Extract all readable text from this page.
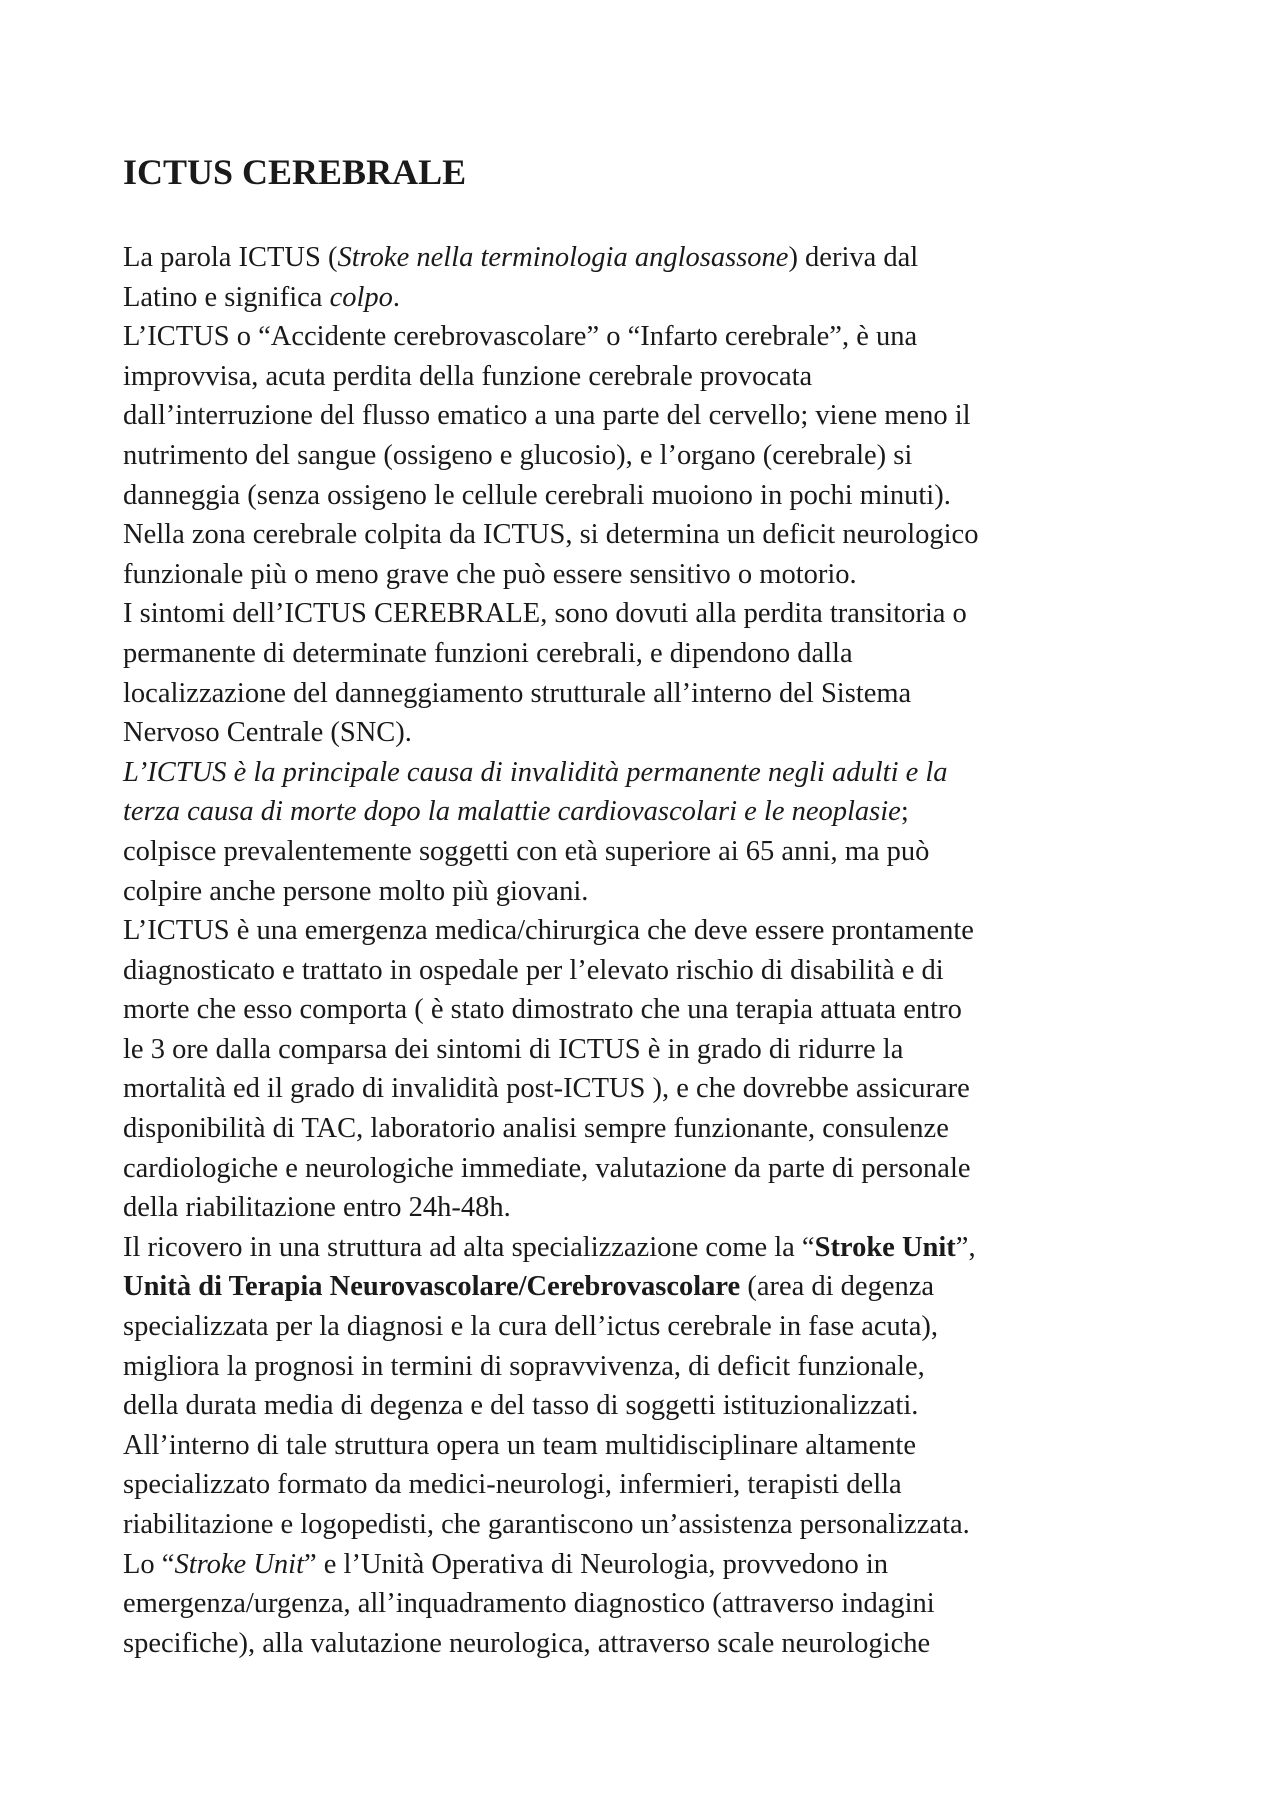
ICTUS CEREBRALE
La parola ICTUS (Stroke nella terminologia anglosassone) deriva dal
Latino e significa colpo.
L’ICTUS o “Accidente cerebrovascolare” o “Infarto cerebrale”, è una
improvvisa, acuta perdita della funzione cerebrale provocata
dall’interruzione del flusso ematico a una parte del cervello; viene meno il
nutrimento del sangue (ossigeno e glucosio), e l’organo (cerebrale) si
danneggia (senza ossigeno le cellule cerebrali muoiono in pochi minuti).
Nella zona cerebrale colpita da ICTUS, si determina un deficit neurologico
funzionale più o meno grave che può essere sensitivo o motorio.
I sintomi dell’ICTUS CEREBRALE, sono dovuti alla perdita transitoria o
permanente di determinate funzioni cerebrali, e dipendono dalla
localizzazione del danneggiamento strutturale all’interno del Sistema
Nervoso Centrale (SNC).
L’ICTUS è la principale causa di invalidità permanente negli adulti e la
terza causa di morte dopo la malattie cardiovascolari e le neoplasie;
colpisce prevalentemente soggetti con età superiore ai 65 anni, ma può
colpire anche persone molto più giovani.
L’ICTUS è una emergenza medica/chirurgica che deve essere prontamente
diagnosticato e trattato in ospedale per l’elevato rischio di disabilità e di
morte che esso comporta ( è stato dimostrato che una terapia attuata entro
le 3 ore dalla comparsa dei sintomi di ICTUS è in grado di ridurre la
mortalità ed il grado di invalidità post-ICTUS ), e che dovrebbe assicurare
disponibilità di TAC, laboratorio analisi sempre funzionante, consulenze
cardiologiche e neurologiche immediate, valutazione da parte di personale
della riabilitazione entro 24h-48h.
Il ricovero in una struttura ad alta specializzazione come la “Stroke Unit”,
Unità di Terapia Neurovascolare/Cerebrovascolare (area di degenza
specializzata per la diagnosi e la cura dell’ictus cerebrale in fase acuta),
migliora la prognosi in termini di sopravvivenza, di deficit funzionale,
della durata media di degenza e del tasso di soggetti istituzionalizzati.
All’interno di tale struttura opera un team multidisciplinare altamente
specializzato formato da medici-neurologi, infermieri, terapisti della
riabilitazione e logopedisti, che garantiscono un’assistenza personalizzata.
Lo “Stroke Unit” e l’Unità Operativa di Neurologia, provvedono in
emergenza/urgenza, all’inquadramento diagnostico (attraverso indagini
specifiche), alla valutazione neurologica, attraverso scale neurologiche
